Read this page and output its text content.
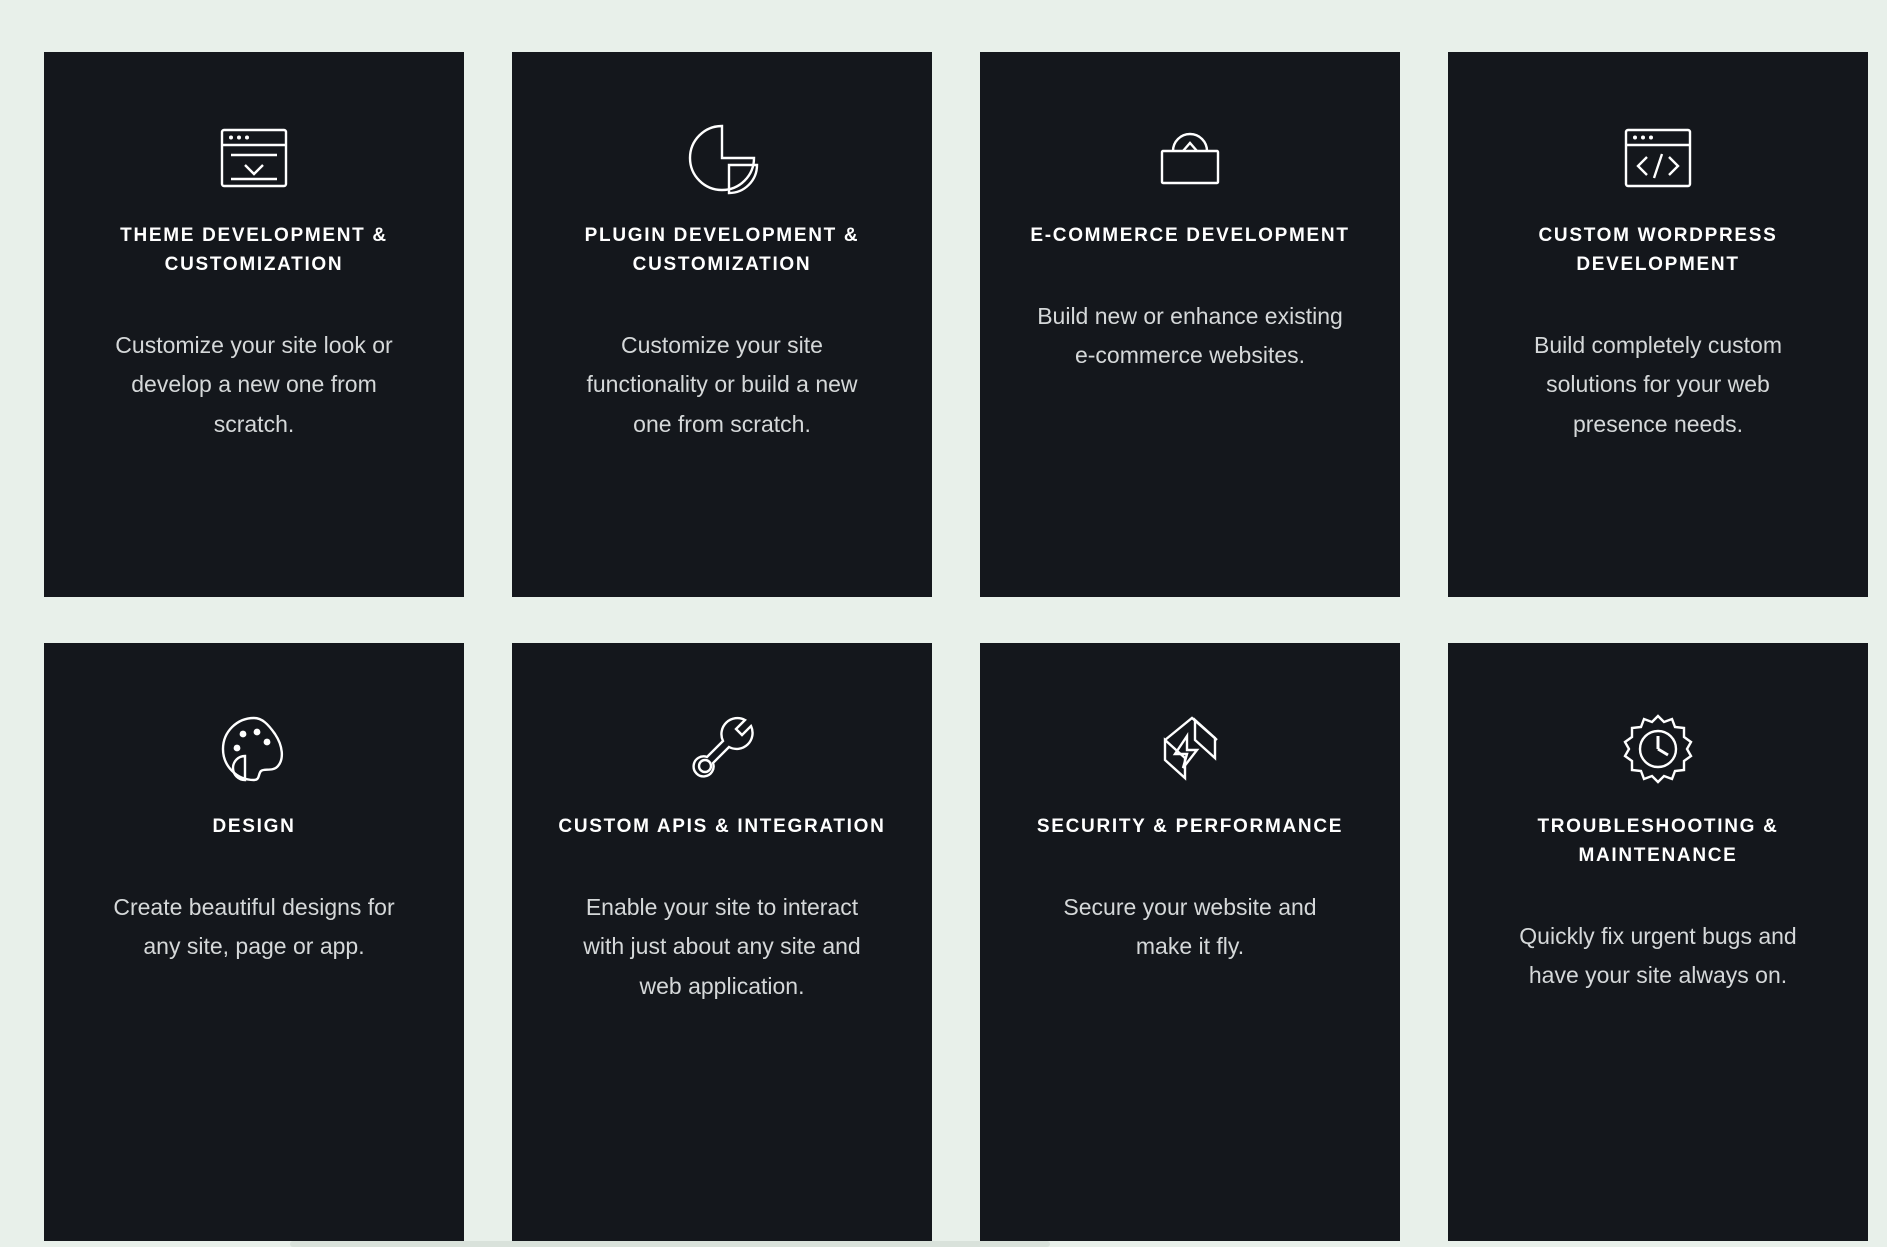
THEME DEVELOPMENT & CUSTOMIZATION

Customize your site look or develop a new one from scratch.

PLUGIN DEVELOPMENT & CUSTOMIZATION

Customize your site functionality or build a new one from scratch.

E-COMMERCE DEVELOPMENT

Build new or enhance existing e-commerce websites.

CUSTOM WORDPRESS DEVELOPMENT

Build completely custom solutions for your web presence needs.

DESIGN

Create beautiful designs for any site, page or app.

CUSTOM APIS & INTEGRATION

Enable your site to interact with just about any site and web application.

SECURITY & PERFORMANCE

Secure your website and make it fly.

TROUBLESHOOTING & MAINTENANCE

Quickly fix urgent bugs and have your site always on.
